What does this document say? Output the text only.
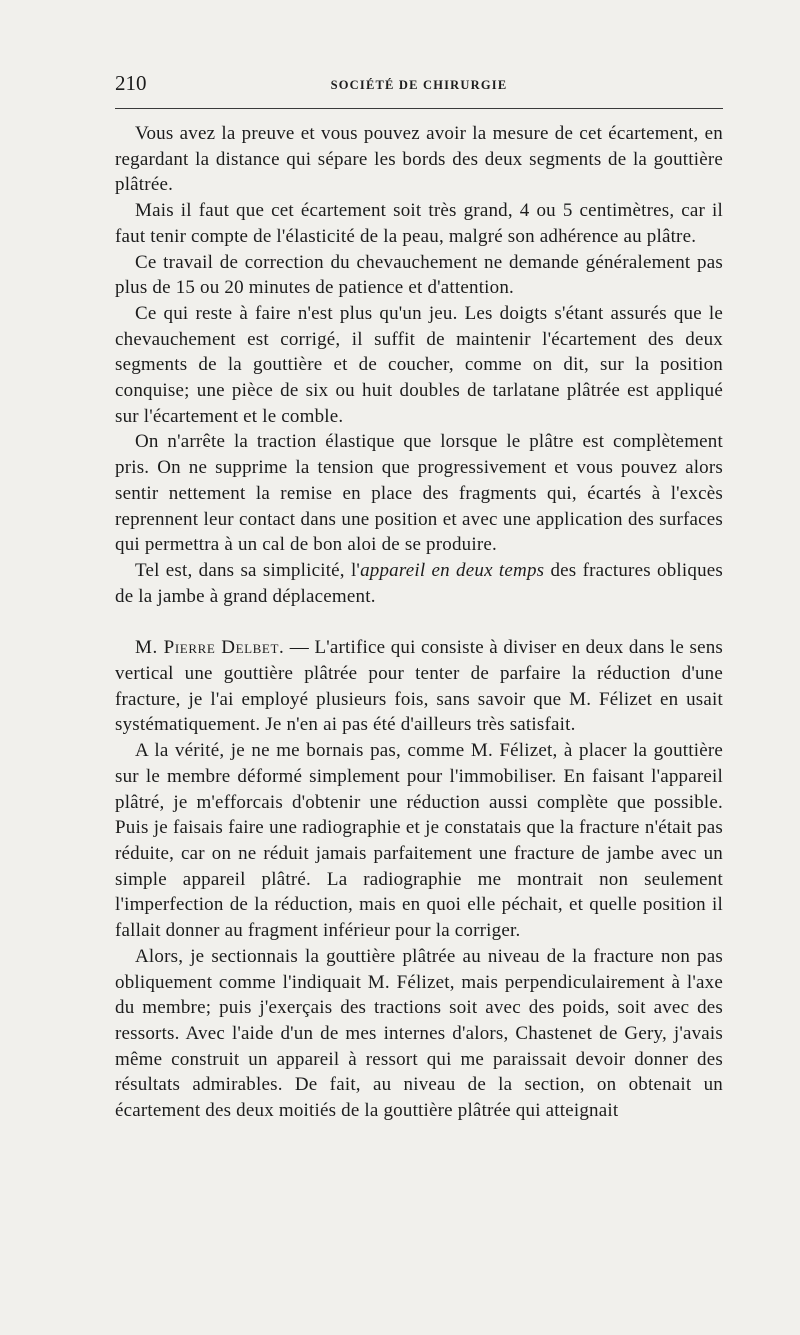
210	SOCIÉTÉ DE CHIRURGIE

Vous avez la preuve et vous pouvez avoir la mesure de cet écartement, en regardant la distance qui sépare les bords des deux segments de la gouttière plâtrée.

Mais il faut que cet écartement soit très grand, 4 ou 5 centimètres, car il faut tenir compte de l'élasticité de la peau, malgré son adhérence au plâtre.

Ce travail de correction du chevauchement ne demande généralement pas plus de 15 ou 20 minutes de patience et d'attention.

Ce qui reste à faire n'est plus qu'un jeu. Les doigts s'étant assurés que le chevauchement est corrigé, il suffit de maintenir l'écartement des deux segments de la gouttière et de coucher, comme on dit, sur la position conquise; une pièce de six ou huit doubles de tarlatane plâtrée est appliqué sur l'écartement et le comble.

On n'arrête la traction élastique que lorsque le plâtre est complètement pris. On ne supprime la tension que progressivement et vous pouvez alors sentir nettement la remise en place des fragments qui, écartés à l'excès reprennent leur contact dans une position et avec une application des surfaces qui permettra à un cal de bon aloi de se produire.

Tel est, dans sa simplicité, l'appareil en deux temps des fractures obliques de la jambe à grand déplacement.

M. Pierre Delbet. — L'artifice qui consiste à diviser en deux dans le sens vertical une gouttière plâtrée pour tenter de parfaire la réduction d'une fracture, je l'ai employé plusieurs fois, sans savoir que M. Félizet en usait systématiquement. Je n'en ai pas été d'ailleurs très satisfait.

A la vérité, je ne me bornais pas, comme M. Félizet, à placer la gouttière sur le membre déformé simplement pour l'immobiliser. En faisant l'appareil plâtré, je m'efforcais d'obtenir une réduction aussi complète que possible. Puis je faisais faire une radiographie et je constatais que la fracture n'était pas réduite, car on ne réduit jamais parfaitement une fracture de jambe avec un simple appareil plâtré. La radiographie me montrait non seulement l'imperfection de la réduction, mais en quoi elle péchait, et quelle position il fallait donner au fragment inférieur pour la corriger.

Alors, je sectionnais la gouttière plâtrée au niveau de la fracture non pas obliquement comme l'indiquait M. Félizet, mais perpendiculairement à l'axe du membre; puis j'exerçais des tractions soit avec des poids, soit avec des ressorts. Avec l'aide d'un de mes internes d'alors, Chastenet de Gery, j'avais même construit un appareil à ressort qui me paraissait devoir donner des résultats admirables. De fait, au niveau de la section, on obtenait un écartement des deux moitiés de la gouttière plâtrée qui atteignait
